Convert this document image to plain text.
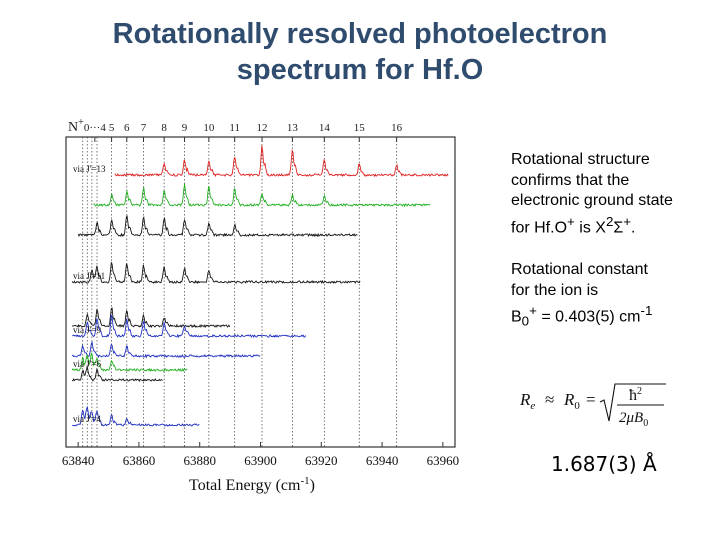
Rotationally resolved photoelectron
spectrum for Hf.O
63840 63860 63880 63900 63920 63940 63960
0···4 5 6 7 8 9 10 11 12 13 14 15 16
N+
Total Energy $(cm^{-1})$
via J'=13
via J'=11
via J'=9
via J'=6
via J'=4

Rotational structure
confirms that the
electronic ground state
for Hf.O+ is $X^2\Sigma^+$.

Rotational constant
for the ion is
$B_0^+ = 0.403(5)$ $cm^{-1}$

$R_e \approx R_0$ = $ħ^2$
$2\mu B_0$
1.687(3) Å
